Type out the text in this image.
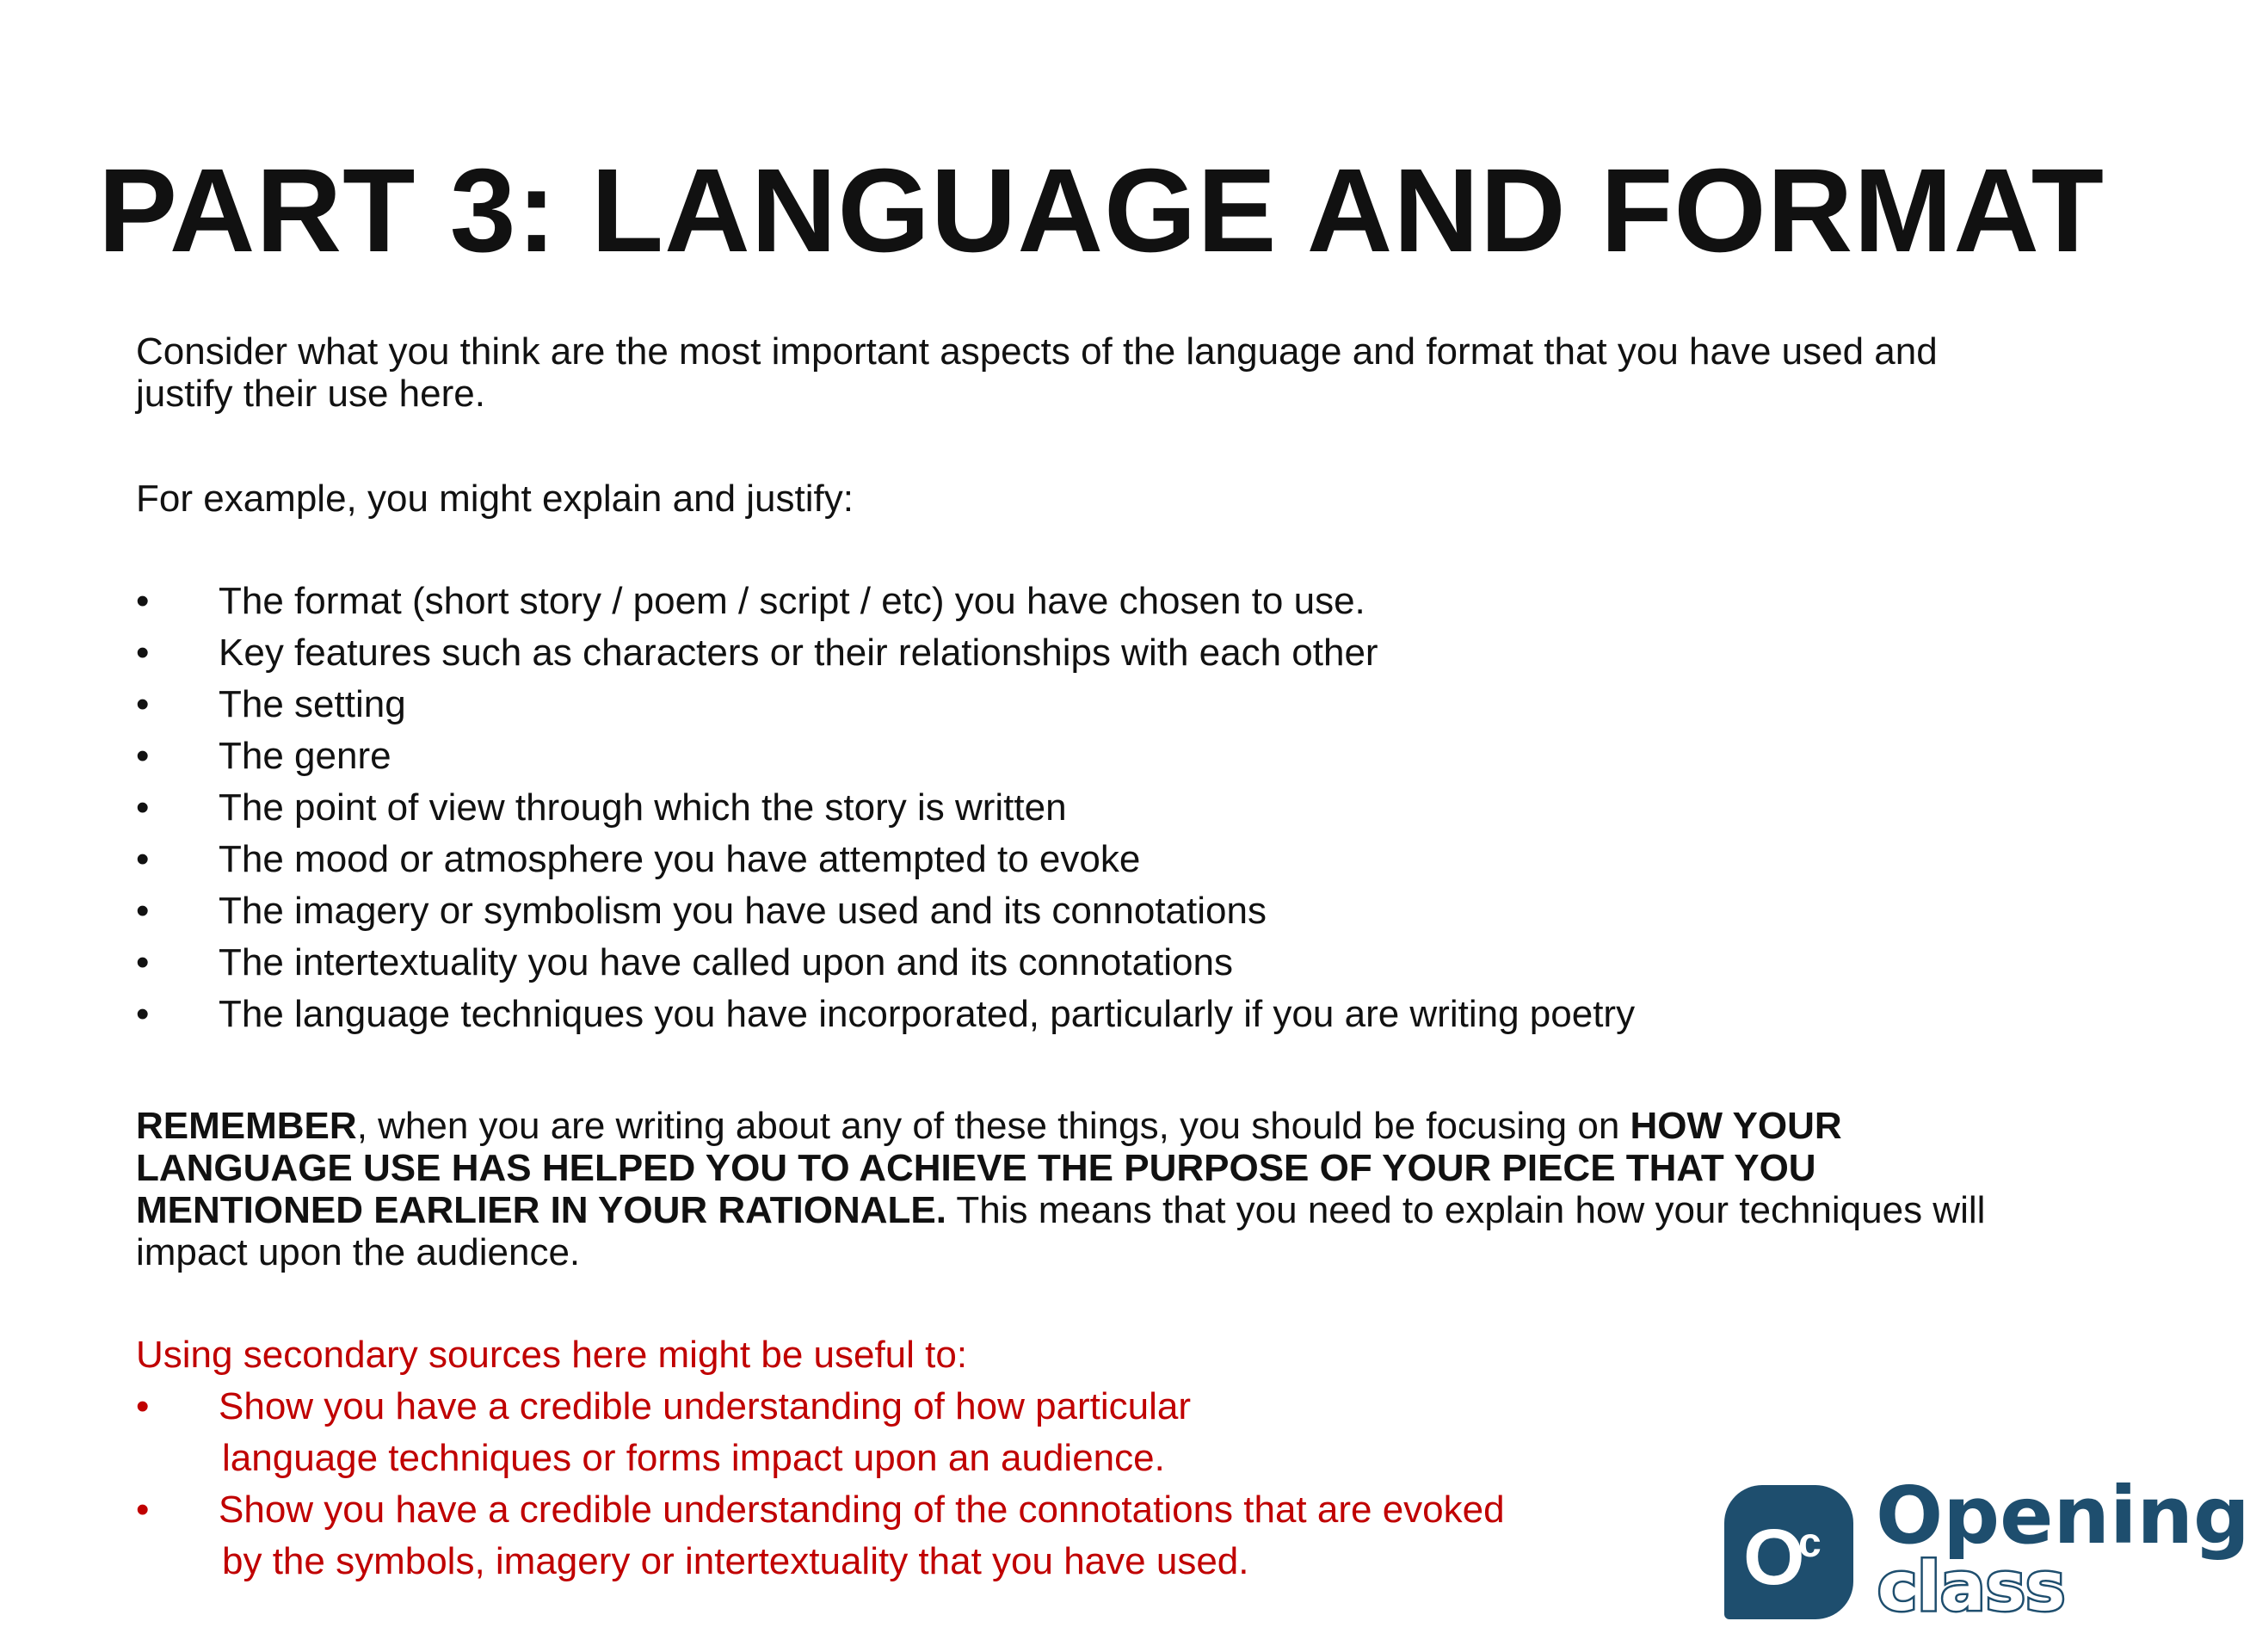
PART 3: LANGUAGE AND FORMAT

Consider what you think are the most important aspects of the language and format that you have used and justify their use here.

For example, you might explain and justify:

•	The format (short story / poem / script / etc) you have chosen to use.
•	Key features such as characters or their relationships with each other
•	The setting
•	The genre
•	The point of view through which the story is written
•	The mood or atmosphere you have attempted to evoke
•	The imagery or symbolism you have used and its connotations
•	The intertextuality you have called upon and its connotations
•	The language techniques you have incorporated, particularly if you are writing poetry

REMEMBER, when you are writing about any of these things, you should be focusing on HOW YOUR LANGUAGE USE HAS HELPED YOU TO ACHIEVE THE PURPOSE OF YOUR PIECE THAT YOU MENTIONED EARLIER IN YOUR RATIONALE. This means that you need to explain how your techniques will impact upon the audience.

Using secondary sources here might be useful to:

•	Show you have a credible understanding of how particular
language techniques or forms impact upon an audience.
•	Show you have a credible understanding of the connotations that are evoked
by the symbols, imagery or intertextuality that you have used.	O
c Opening
class
